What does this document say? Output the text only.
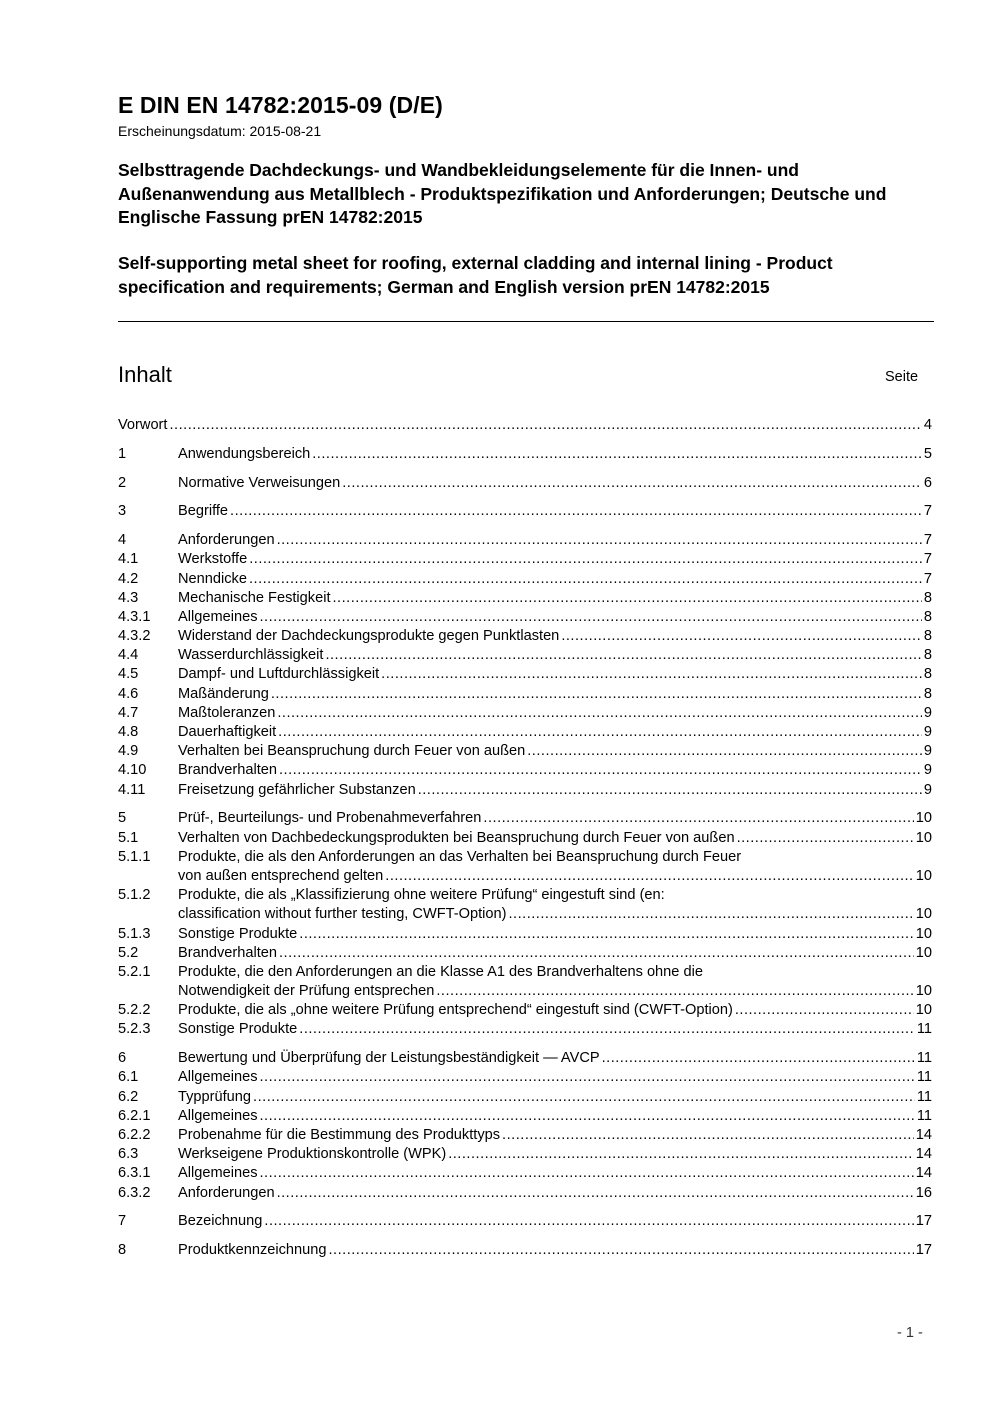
E DIN EN 14782:2015-09 (D/E)
Erscheinungsdatum: 2015-08-21
Selbsttragende Dachdeckungs- und Wandbekleidungselemente für die Innen- und Außenanwendung aus Metallblech - Produktspezifikation und Anforderungen; Deutsche und Englische Fassung prEN 14782:2015
Self-supporting metal sheet for roofing, external cladding and internal lining - Product specification and requirements; German and English version prEN 14782:2015
Inhalt	Seite
Vorwort .....	4
1	Anwendungsbereich .....	5
2	Normative Verweisungen .....	6
3	Begriffe .....	7
4	Anforderungen .....	7
4.1	Werkstoffe .....	7
4.2	Nenndicke .....	7
4.3	Mechanische Festigkeit .....	8
4.3.1 Allgemeines .....	8
4.3.2 Widerstand der Dachdeckungsprodukte gegen Punktlasten .....	8
4.4	Wasserdurchlässigkeit .....	8
4.5	Dampf- und Luftdurchlässigkeit .....	8
4.6	Maßänderung .....	8
4.7	Maßtoleranzen .....	9
4.8	Dauerhaftigkeit .....	9
4.9	Verhalten bei Beanspruchung durch Feuer von außen .....	9
4.10 Brandverhalten .....	9
4.11 Freisetzung gefährlicher Substanzen .....	9
5	Prüf-, Beurteilungs- und Probenahmeverfahren .....	10
5.1	Verhalten von Dachbedeckungsprodukten bei Beanspruchung durch Feuer von außen .....	10
5.1.1 Produkte, die als den Anforderungen an das Verhalten bei Beanspruchung durch Feuer
von außen entsprechend gelten .....	10
5.1.2 Produkte, die als „Klassifizierung ohne weitere Prüfung“ eingestuft sind (en:
classification without further testing, CWFT-Option) .....	10
5.1.3 Sonstige Produkte .....	10
5.2	Brandverhalten .....	10
5.2.1 Produkte, die den Anforderungen an die Klasse A1 des Brandverhaltens ohne die
Notwendigkeit der Prüfung entsprechen .....	10
5.2.2 Produkte, die als „ohne weitere Prüfung entsprechend“ eingestuft sind (CWFT-Option) .....	10
5.2.3 Sonstige Produkte .....	11
6	Bewertung und Überprüfung der Leistungsbeständigkeit — AVCP .....	11
6.1	Allgemeines .....	11
6.2	Typprüfung .....	11
6.2.1 Allgemeines .....	11
6.2.2 Probenahme für die Bestimmung des Produkttyps .....	14
6.3	Werkseigene Produktionskontrolle (WPK) .....	14
6.3.1 Allgemeines .....	14
6.3.2 Anforderungen .....	16
7	Bezeichnung .....	17
8	Produktkennzeichnung .....	17
- 1 -
